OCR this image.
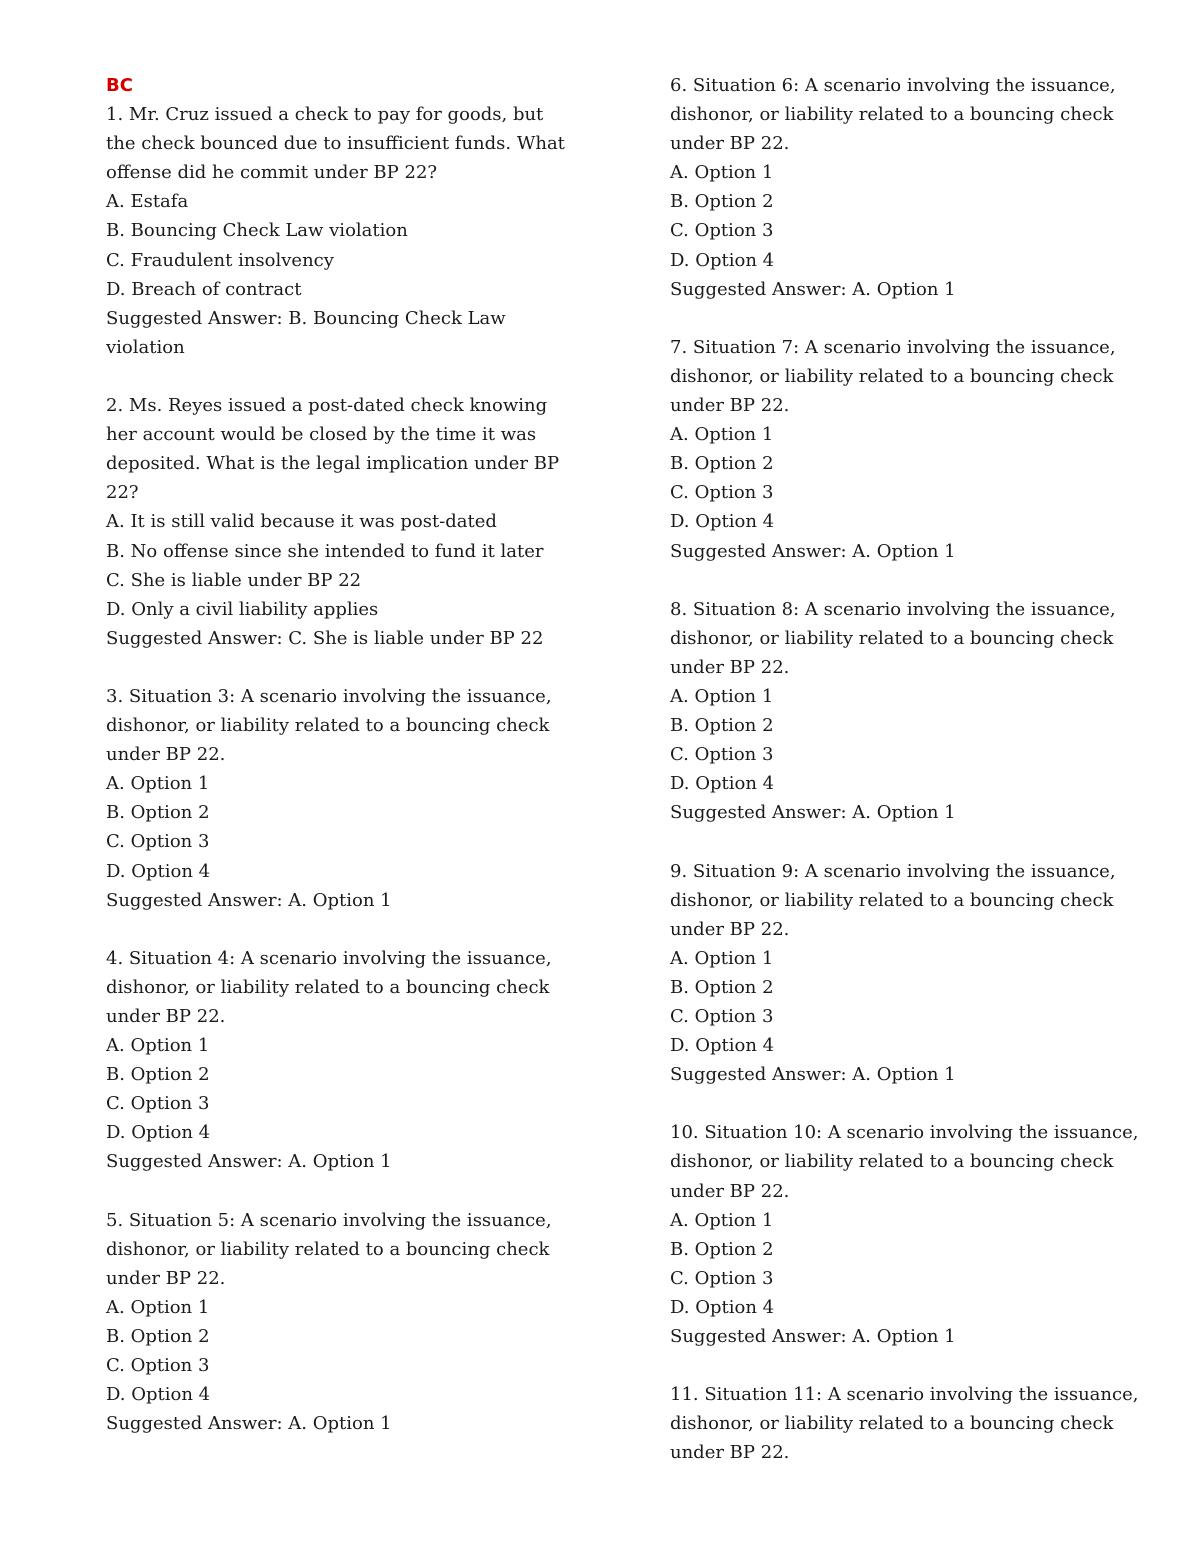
BC
1. Mr. Cruz issued a check to pay for goods, but the check bounced due to insufficient funds. What offense did he commit under BP 22?
A. Estafa
B. Bouncing Check Law violation
C. Fraudulent insolvency
D. Breach of contract
Suggested Answer: B. Bouncing Check Law violation
2. Ms. Reyes issued a post-dated check knowing her account would be closed by the time it was deposited. What is the legal implication under BP 22?
A. It is still valid because it was post-dated
B. No offense since she intended to fund it later
C. She is liable under BP 22
D. Only a civil liability applies
Suggested Answer: C. She is liable under BP 22
3. Situation 3: A scenario involving the issuance, dishonor, or liability related to a bouncing check under BP 22.
A. Option 1
B. Option 2
C. Option 3
D. Option 4
Suggested Answer: A. Option 1
4. Situation 4: A scenario involving the issuance, dishonor, or liability related to a bouncing check under BP 22.
A. Option 1
B. Option 2
C. Option 3
D. Option 4
Suggested Answer: A. Option 1
5. Situation 5: A scenario involving the issuance, dishonor, or liability related to a bouncing check under BP 22.
A. Option 1
B. Option 2
C. Option 3
D. Option 4
Suggested Answer: A. Option 1
6. Situation 6: A scenario involving the issuance, dishonor, or liability related to a bouncing check under BP 22.
A. Option 1
B. Option 2
C. Option 3
D. Option 4
Suggested Answer: A. Option 1
7. Situation 7: A scenario involving the issuance, dishonor, or liability related to a bouncing check under BP 22.
A. Option 1
B. Option 2
C. Option 3
D. Option 4
Suggested Answer: A. Option 1
8. Situation 8: A scenario involving the issuance, dishonor, or liability related to a bouncing check under BP 22.
A. Option 1
B. Option 2
C. Option 3
D. Option 4
Suggested Answer: A. Option 1
9. Situation 9: A scenario involving the issuance, dishonor, or liability related to a bouncing check under BP 22.
A. Option 1
B. Option 2
C. Option 3
D. Option 4
Suggested Answer: A. Option 1
10. Situation 10: A scenario involving the issuance, dishonor, or liability related to a bouncing check under BP 22.
A. Option 1
B. Option 2
C. Option 3
D. Option 4
Suggested Answer: A. Option 1
11. Situation 11: A scenario involving the issuance, dishonor, or liability related to a bouncing check under BP 22.
